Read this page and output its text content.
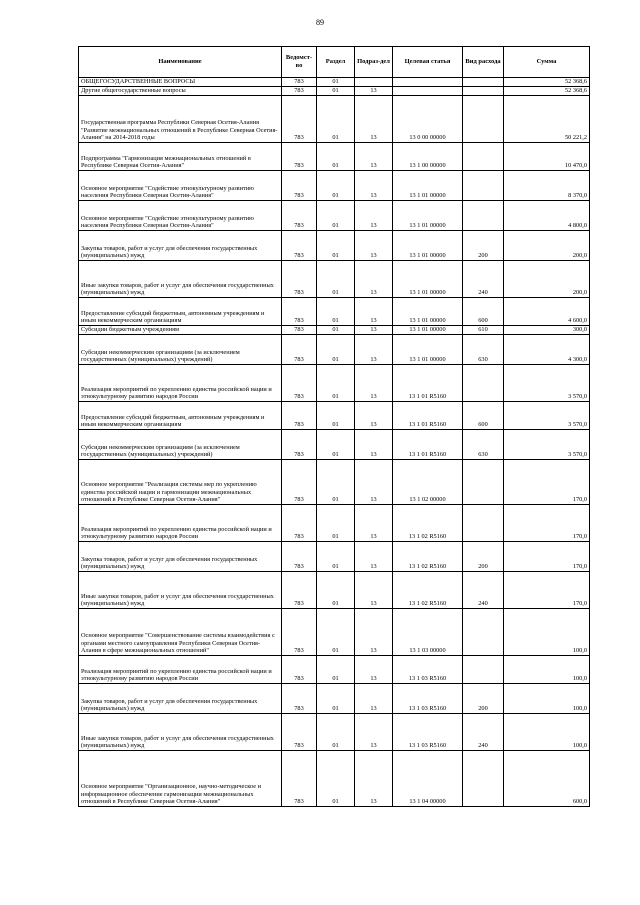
89
Наименование	Ведомст-во	Раздел	Подраз-дел	Целевая статья	Вид расхода	Сумма
ОБЩЕГОСУДАРСТВЕННЫЕ ВОПРОСЫ	783	01				52 368,6
Другие общегосударственные вопросы	783	01	13			52 368,6
Государственная программа Республики Северная Осетия-Алания "Развитие межнациональных отношений в Республике Северная Осетия-Алания" на 2014-2018 годы	783	01	13	13 0 00 00000		50 221,2
Подпрограмма "Гармонизация межнациональных отношений в Республике Северная Осетия-Алания"	783	01	13	13 1 00 00000		10 470,0
Основное мероприятие "Содействие этнокультурному развитию населения Республики Северная Осетия-Алания"	783	01	13	13 1 01 00000		8 370,0
Основное мероприятие "Содействие этнокультурному развитию населения Республики Северная Осетия-Алания"	783	01	13	13 1 01 00000		4 800,0
Закупка товаров, работ и услуг для обеспечения государственных (муниципальных) нужд	783	01	13	13 1 01 00000	200	200,0
Иные закупки товаров, работ и услуг для обеспечения государственных (муниципальных) нужд	783	01	13	13 1 01 00000	240	200,0
Предоставление субсидий бюджетным, автономным учреждениям и иным некоммерческим организациям	783	01	13	13 1 01 00000	600	4 600,0
Субсидии бюджетным учреждениям	783	01	13	13 1 01 00000	610	300,0
Субсидии некоммерческим организациям (за исключением государственных (муниципальных) учреждений)	783	01	13	13 1 01 00000	630	4 300,0
Реализация мероприятий по укреплению единства российской нации и этнокультурному развитию народов России	783	01	13	13 1 01 R5160		3 570,0
Предоставление субсидий бюджетным, автономным учреждениям и иным некоммерческим организациям	783	01	13	13 1 01 R5160	600	3 570,0
Субсидии некоммерческим организациям (за исключением государственных (муниципальных) учреждений)	783	01	13	13 1 01 R5160	630	3 570,0
Основное мероприятие "Реализация системы мер по укреплению единства российской нации и гармонизации межнациональных отношений в Республике Северная Осетия-Алания"	783	01	13	13 1 02 00000		170,0
Реализация мероприятий по укреплению единства российской нации и этнокультурному развитию народов России	783	01	13	13 1 02 R5160		170,0
Закупка товаров, работ и услуг для обеспечения государственных (муниципальных) нужд	783	01	13	13 1 02 R5160	200	170,0
Иные закупки товаров, работ и услуг для обеспечения государственных (муниципальных) нужд	783	01	13	13 1 02 R5160	240	170,0
Основное мероприятие "Совершенствование системы взаимодействия с органами местного самоуправления Республики Северная Осетия-Алания в сфере межнациональных отношений"	783	01	13	13 1 03 00000		100,0
Реализация мероприятий по укреплению единства российской нации и этнокультурному развитию народов России	783	01	13	13 1 03 R5160		100,0
Закупка товаров, работ и услуг для обеспечения государственных (муниципальных) нужд	783	01	13	13 1 03 R5160	200	100,0
Иные закупки товаров, работ и услуг для обеспечения государственных (муниципальных) нужд	783	01	13	13 1 03 R5160	240	100,0
Основное мероприятие "Организационное, научно-методическое и информационное обеспечение гармонизации межнациональных отношений в Республике Северная Осетия-Алания"	783	01	13	13 1 04 00000		600,0
